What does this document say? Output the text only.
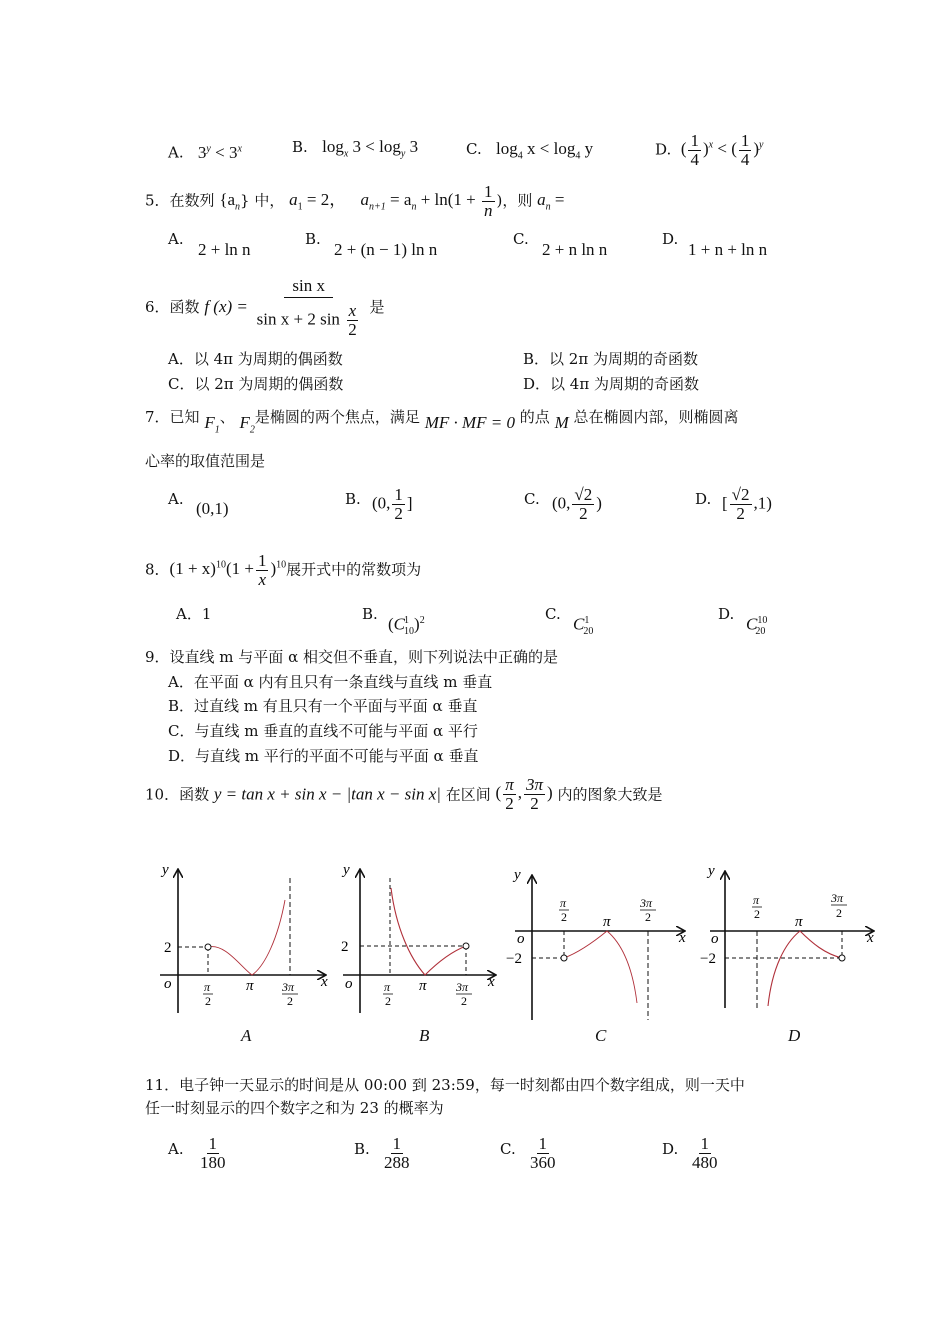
A. $3^y < 3^x$	B. $\log_x 3 < \log_y 3$	C. $\log_4 x < \log_4 y$	D. ( $\frac{1}{4} )^x$ < ( $\frac{1}{4} )^y$
5．在数列 $\{a_n\}$ 中， $a_1 = 2$， $a_{n+1} = a_n + \ln(1 + \frac{1}{n}$ )，则 $a_n$ =
A.
2 + ln n
B.
2 + (n − 1) ln n
C.
2 + n ln n
D.
1 + n + ln n
6．函数 f $(x) = \frac{\text{sin x}}{\sin x + 2 \sin \frac{x}{2}}$ 是
A．以 4π 为周期的偶函数	B．以 2π 为周期的奇函数
C．以 2π 为周期的偶函数	D．以 4π 为周期的奇函数
7．已知 $F_1$、 $F_2$是椭圆的两个焦点，满足 MF · MF = 0 的点 M 总在椭圆内部，则椭圆离
心率的取值范围是
A. (0,1)	B. (0, $\frac{1}{2}$ ]	C. (0, $\frac{√2}{2}$ )	D. [ $\frac{√2}{2} ,1$)
8．$(1 + x)^{10}(1 + \frac{1}{x} )^{10}$展开式中的常数项为
A．1	B.
$(C^1_{10})^2$	C.
$C^1_{20}$
D.
$C^{10}_{20}$
9．设直线 m 与平面 α 相交但不垂直，则下列说法中正确的是
A．在平面 α 内有且只有一条直线与直线 m 垂直
B．过直线 m 有且只有一个平面与平面 α 垂直
C．与直线 m 垂直的直线不可能与平面 α 平行
D．与直线 m 平行的平面不可能与平面 α 垂直
10．函数 y = tan x + sin x − |tan x − sin x| 在区间 ( $\frac{\pi}{2}$ , $\frac{3\pi}{2}$ ) 内的图象大致是
y
2
o	x
π
2
π 3π
2
y
2
o	x
π
2
π 3π
2
y
−2
o	x
π
2 π
3π
2
y
−2
o	x
π
2 π
3π
2
A	B	C	D
11．电子钟一天显示的时间是从 00:00 到 23:59，每一时刻都由四个数字组成，则一天中
任一时刻显示的四个数字之和为 23 的概率为
A. $\frac{1}{180}$	B. $\frac{1}{288}$	C. $\frac{1}{360}$	D. $\frac{1}{480}$
